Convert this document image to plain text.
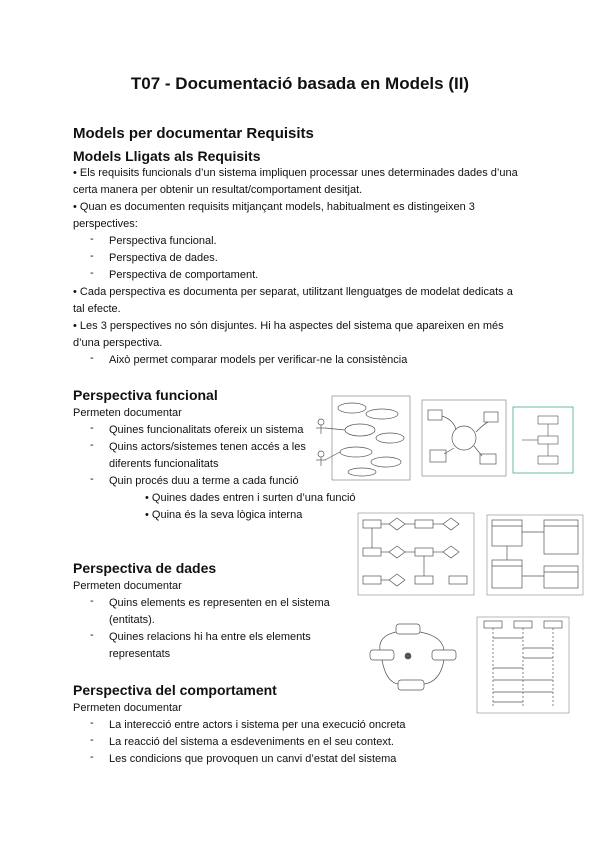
T07 - Documentació basada en Models (II)
Models per documentar Requisits
Models Lligats als Requisits
• Els requisits funcionals d’un sistema impliquen processar unes determinades dades d’una
certa manera per obtenir un resultat/comportament desitjat.
• Quan es documenten requisits mitjançant models, habitualment es distingeixen 3
perspectives:
- Perspectiva funcional.
- Perspectiva de dades.
- Perspectiva de comportament.
• Cada perspectiva es documenta per separat, utilitzant llenguatges de modelat dedicats a
tal efecte.
• Les 3 perspectives no són disjuntes. Hi ha aspectes del sistema que apareixen en més
d’una perspectiva.
- Això permet comparar models per verificar-ne la consistència
Perspectiva funcional
Permeten documentar
- Quines funcionalitats ofereix un sistema
- Quins actors/sistemes tenen accés a les
diferents funcionalitats
- Quin procés duu a terme a cada funció
• Quines dades entren i surten d’una funció
• Quina és la seva lògica interna
Perspectiva de dades
Permeten documentar
- Quins elements es representen en el sistema
(entitats).
- Quines relacions hi ha entre els elements
representats
Perspectiva del comportament
Permeten documentar
- La interecció entre actors i sistema per una execució oncreta
- La reacció del sistema a esdeveniments en el seu context.
- Les condicions que provoquen un canvi d’estat del sistema
